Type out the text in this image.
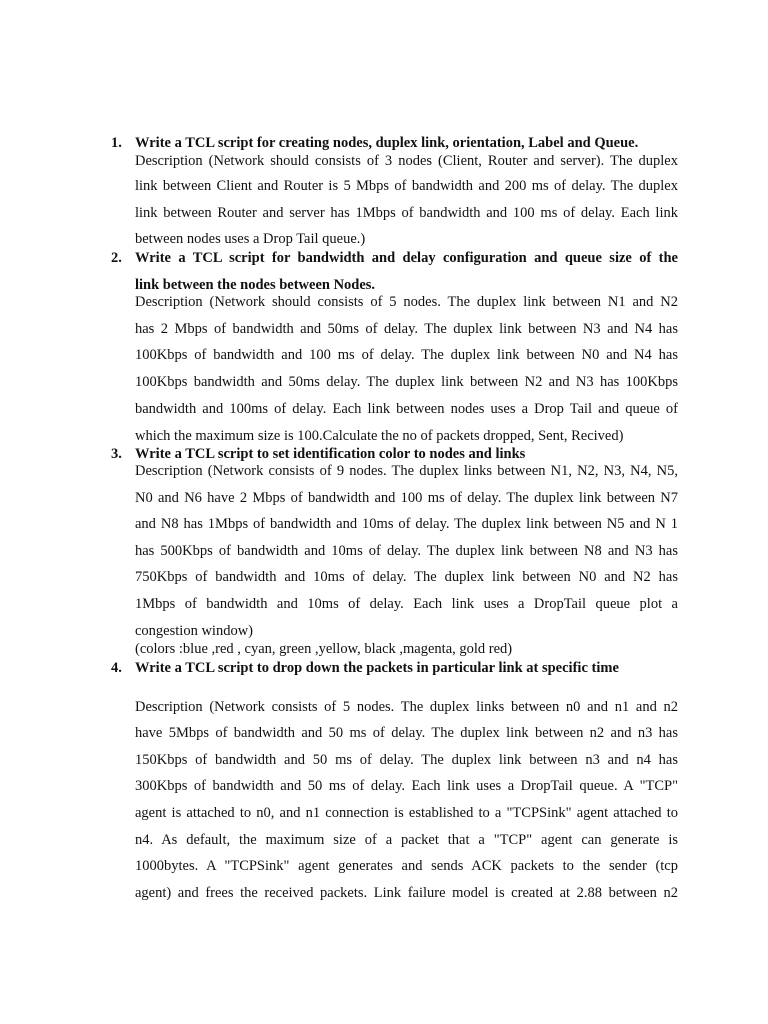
1. Write a TCL script for creating nodes, duplex link, orientation, Label and Queue.
Description (Network should consists of 3 nodes (Client, Router and server). The duplex
link between Client and Router is 5 Mbps of bandwidth and 200 ms of delay. The duplex
link between Router and server has 1Mbps of bandwidth and 100 ms of delay. Each link
between nodes uses a Drop Tail queue.)
2. Write a TCL script for bandwidth and delay configuration and queue size of the
link between the nodes between Nodes.
Description (Network should consists of 5 nodes. The duplex link between N1 and N2
has 2 Mbps of bandwidth and 50ms of delay. The duplex link between N3 and N4 has
100Kbps of bandwidth and 100 ms of delay. The duplex link between N0 and N4 has
100Kbps bandwidth and 50ms delay. The duplex link between N2 and N3 has 100Kbps
bandwidth and 100ms of delay. Each link between nodes uses a Drop Tail and queue of
which the maximum size is 100.Calculate the no of packets dropped, Sent, Recived)
3. Write a TCL script to set identification color to nodes and links
Description (Network consists of 9 nodes. The duplex links between N1, N2, N3, N4, N5,
N0 and N6 have 2 Mbps of bandwidth and 100 ms of delay. The duplex link between N7
and N8 has 1Mbps of bandwidth and 10ms of delay. The duplex link between N5 and N 1
has 500Kbps of bandwidth and 10ms of delay. The duplex link between N8 and N3 has
750Kbps of bandwidth and 10ms of delay. The duplex link between N0 and N2 has
1Mbps of bandwidth and 10ms of delay. Each link uses a DropTail queue plot a
congestion window)
(colors :blue ,red , cyan, green ,yellow, black ,magenta, gold red)
4. Write a TCL script to drop down the packets in particular link at specific time
Description (Network consists of 5 nodes. The duplex links between n0 and n1 and n2
have 5Mbps of bandwidth and 50 ms of delay. The duplex link between n2 and n3 has
150Kbps of bandwidth and 50 ms of delay. The duplex link between n3 and n4 has
300Kbps of bandwidth and 50 ms of delay. Each link uses a DropTail queue. A "TCP"
agent is attached to n0, and n1 connection is established to a "TCPSink" agent attached to
n4. As default, the maximum size of a packet that a "TCP" agent can generate is
1000bytes. A "TCPSink" agent generates and sends ACK packets to the sender (tcp
agent) and frees the received packets. Link failure model is created at 2.88 between n2
